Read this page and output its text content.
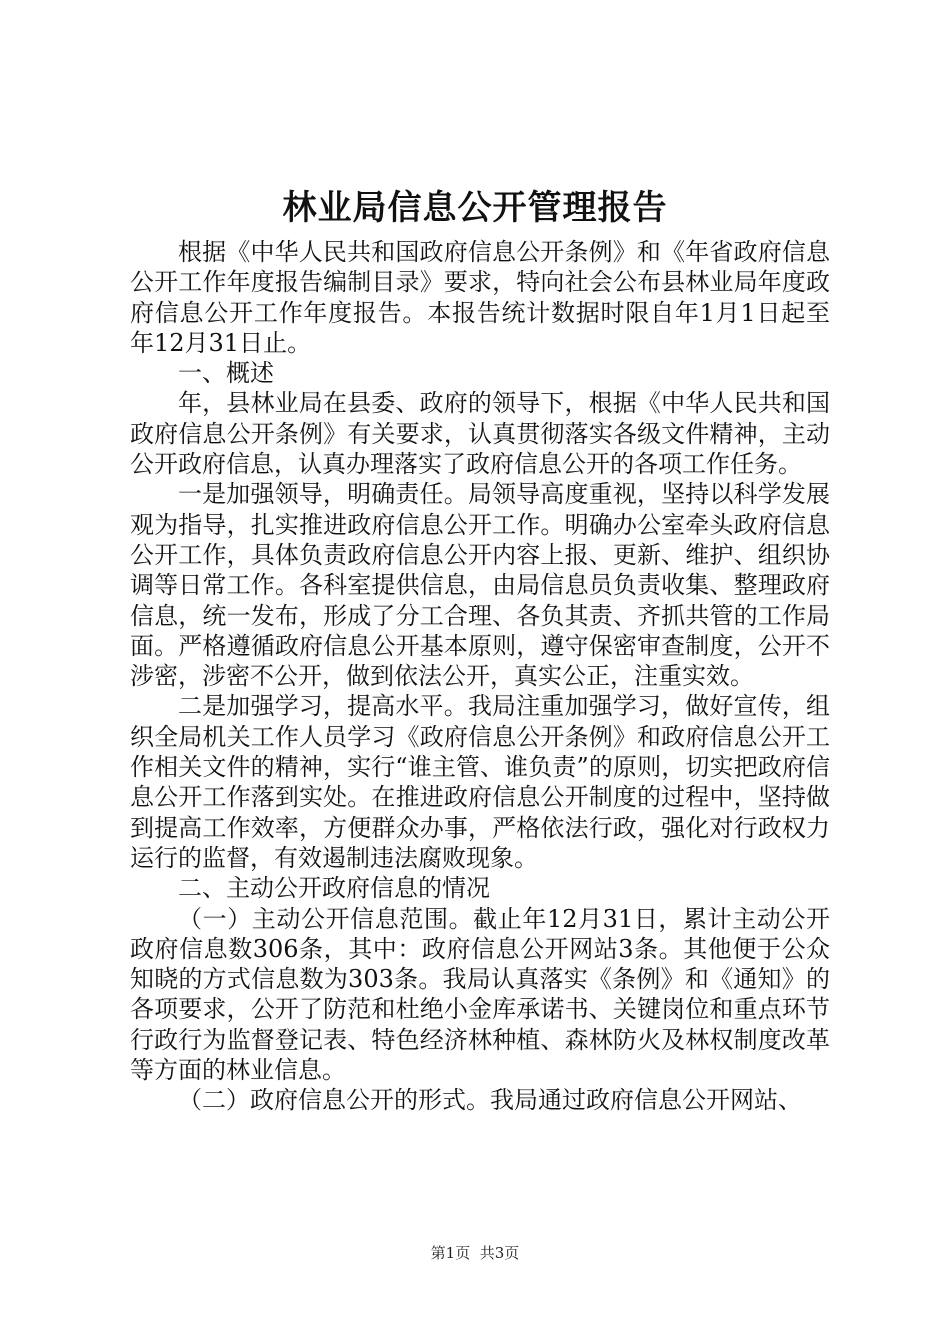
林业局信息公开管理报告

根据《中华人民共和国政府信息公开条例》和《年省政府信息公开工作年度报告编制目录》要求，特向社会公布县林业局年度政府信息公开工作年度报告。本报告统计数据时限自年1月1日起至年12月31日止。

一、概述

年，县林业局在县委、政府的领导下，根据《中华人民共和国政府信息公开条例》有关要求，认真贯彻落实各级文件精神，主动公开政府信息，认真办理落实了政府信息公开的各项工作任务。

一是加强领导，明确责任。局领导高度重视，坚持以科学发展观为指导，扎实推进政府信息公开工作。明确办公室牵头政府信息公开工作，具体负责政府信息公开内容上报、更新、维护、组织协调等日常工作。各科室提供信息，由局信息员负责收集、整理政府信息，统一发布，形成了分工合理、各负其责、齐抓共管的工作局面。严格遵循政府信息公开基本原则，遵守保密审查制度，公开不涉密，涉密不公开，做到依法公开，真实公正，注重实效。

二是加强学习，提高水平。我局注重加强学习，做好宣传，组织全局机关工作人员学习《政府信息公开条例》和政府信息公开工作相关文件的精神，实行“谁主管、谁负责”的原则，切实把政府信息公开工作落到实处。在推进政府信息公开制度的过程中，坚持做到提高工作效率，方便群众办事，严格依法行政，强化对行政权力运行的监督，有效遏制违法腐败现象。

二、主动公开政府信息的情况

（一）主动公开信息范围。截止年12月31日，累计主动公开政府信息数306条，其中：政府信息公开网站3条。其他便于公众知晓的方式信息数为303条。我局认真落实《条例》和《通知》的各项要求，公开了防范和杜绝小金库承诺书、关键岗位和重点环节行政行为监督登记表、特色经济林种植、森林防火及林权制度改革等方面的林业信息。

（二）政府信息公开的形式。我局通过政府信息公开网站、

第1页 共3页
